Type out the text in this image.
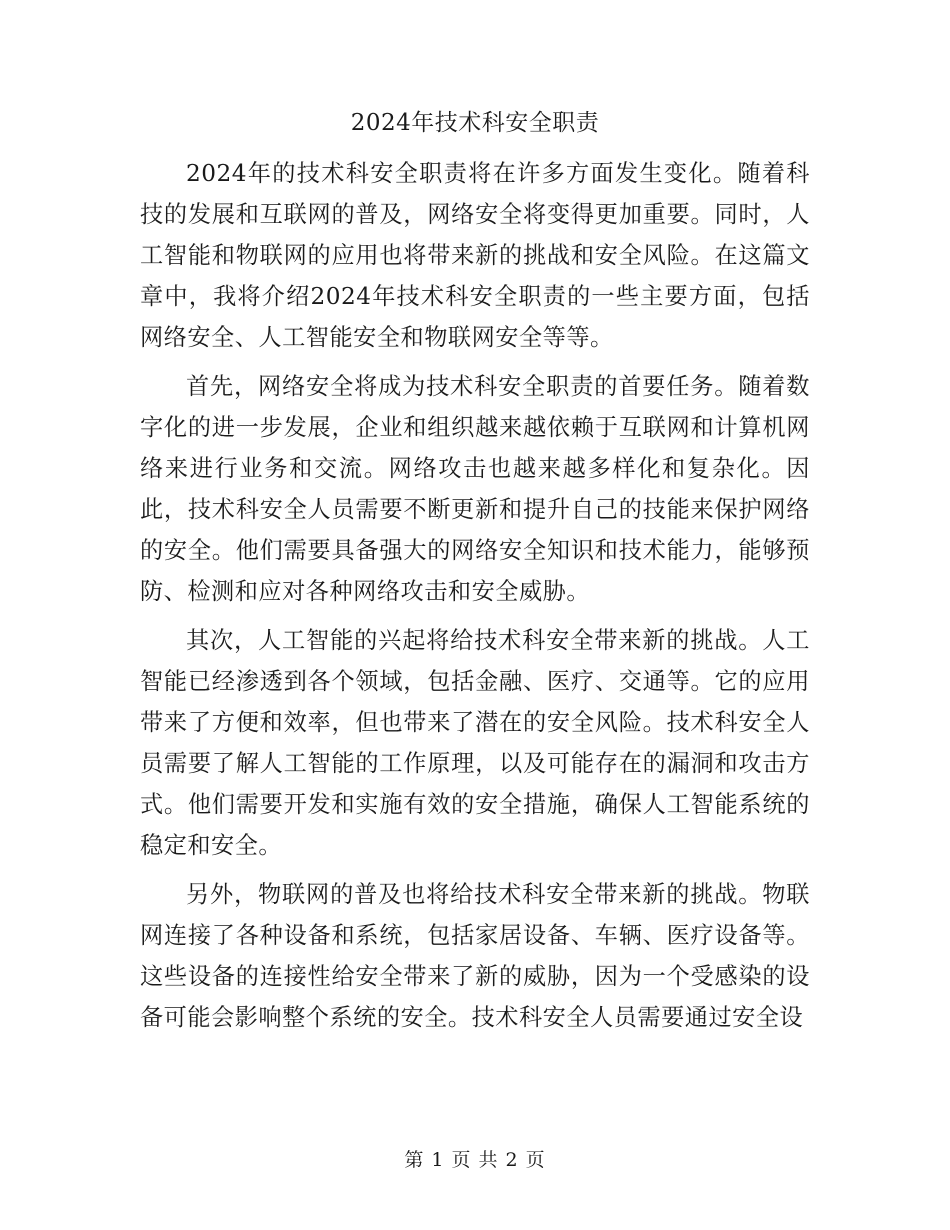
2024年技术科安全职责

2024年的技术科安全职责将在许多方面发生变化。随着科技的发展和互联网的普及，网络安全将变得更加重要。同时，人工智能和物联网的应用也将带来新的挑战和安全风险。在这篇文章中，我将介绍2024年技术科安全职责的一些主要方面，包括网络安全、人工智能安全和物联网安全等等。

首先，网络安全将成为技术科安全职责的首要任务。随着数字化的进一步发展，企业和组织越来越依赖于互联网和计算机网络来进行业务和交流。网络攻击也越来越多样化和复杂化。因此，技术科安全人员需要不断更新和提升自己的技能来保护网络的安全。他们需要具备强大的网络安全知识和技术能力，能够预防、检测和应对各种网络攻击和安全威胁。

其次，人工智能的兴起将给技术科安全带来新的挑战。人工智能已经渗透到各个领域，包括金融、医疗、交通等。它的应用带来了方便和效率，但也带来了潜在的安全风险。技术科安全人员需要了解人工智能的工作原理，以及可能存在的漏洞和攻击方式。他们需要开发和实施有效的安全措施，确保人工智能系统的稳定和安全。

另外，物联网的普及也将给技术科安全带来新的挑战。物联网连接了各种设备和系统，包括家居设备、车辆、医疗设备等。这些设备的连接性给安全带来了新的威胁，因为一个受感染的设备可能会影响整个系统的安全。技术科安全人员需要通过安全设

第 1 页 共 2 页
